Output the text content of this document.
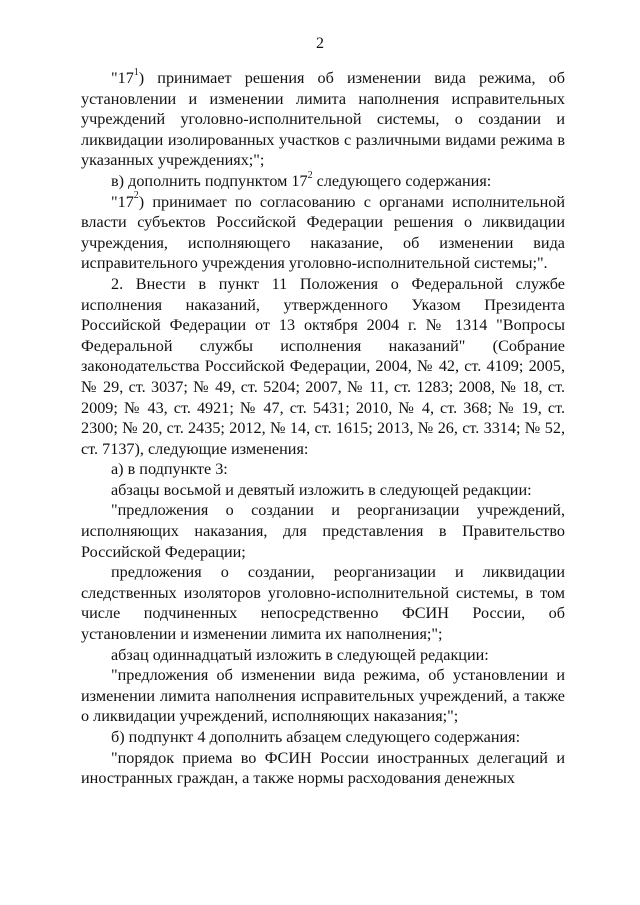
2

"$17^1$) принимает решения об изменении вида режима, об установлении и изменении лимита наполнения исправительных учреждений уголовно-исполнительной системы, о создании и ликвидации изолированных участков с различными видами режима в указанных учреждениях;";

в) дополнить подпунктом $17^2$ следующего содержания:

"$17^2$) принимает по согласованию с органами исполнительной власти субъектов Российской Федерации решения о ликвидации учреждения, исполняющего наказание, об изменении вида исправительного учреждения уголовно-исполнительной системы;".

2. Внести в пункт 11 Положения о Федеральной службе исполнения наказаний, утвержденного Указом Президента Российской Федерации от 13 октября 2004 г. № 1314 "Вопросы Федеральной службы исполнения наказаний" (Собрание законодательства Российской Федерации, 2004, № 42, ст. 4109; 2005, № 29, ст. 3037; № 49, ст. 5204; 2007, № 11, ст. 1283; 2008, № 18, ст. 2009; № 43, ст. 4921; № 47, ст. 5431; 2010, № 4, ст. 368; № 19, ст. 2300; № 20, ст. 2435; 2012, № 14, ст. 1615; 2013, № 26, ст. 3314; № 52, ст. 7137), следующие изменения:

а) в подпункте 3:

абзацы восьмой и девятый изложить в следующей редакции:

"предложения о создании и реорганизации учреждений, исполняющих наказания, для представления в Правительство Российской Федерации;

предложения о создании, реорганизации и ликвидации следственных изоляторов уголовно-исполнительной системы, в том числе подчиненных непосредственно ФСИН России, об установлении и изменении лимита их наполнения;";

абзац одиннадцатый изложить в следующей редакции:

"предложения об изменении вида режима, об установлении и изменении лимита наполнения исправительных учреждений, а также о ликвидации учреждений, исполняющих наказания;";

б) подпункт 4 дополнить абзацем следующего содержания:

"порядок приема во ФСИН России иностранных делегаций и иностранных граждан, а также нормы расходования денежных
